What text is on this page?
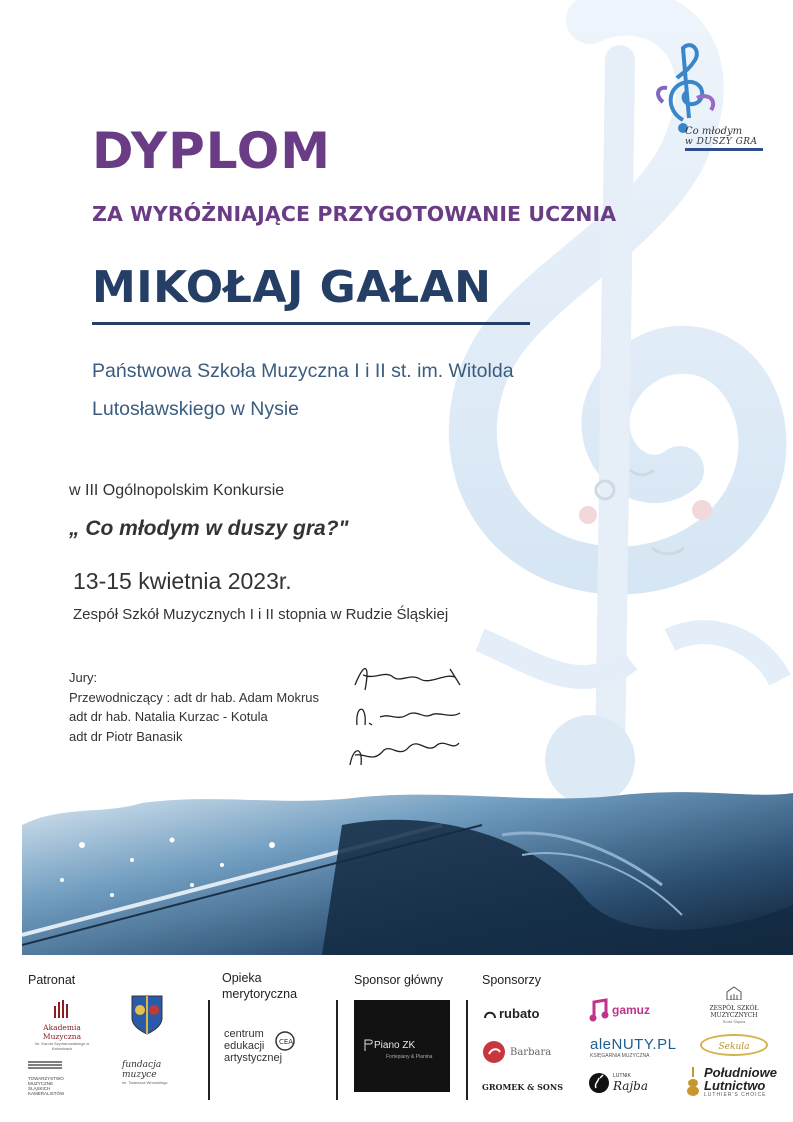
Co młodym
w DUSZY GRA
DYPLOM
ZA WYRÓŻNIAJĄCE PRZYGOTOWANIE UCZNIA
MIKOŁAJ GAŁAN
Państwowa Szkoła Muzyczna I i II st. im. Witolda
Lutosławskiego w Nysie
w III Ogólnopolskim Konkursie
„ Co młodym w duszy gra?"
13-15 kwietnia 2023r.
Zespół Szkół Muzycznych I i II stopnia w Rudzie Śląskiej
Jury:
Przewodniczący : adt dr hab. Adam Mokrus
adt dr hab. Natalia Kurzac - Kotula
adt dr Piotr Banasik
Patronat	Opieka
merytoryczna
Sponsor główny	Sponsorzy
Akademia Muzyczna
im. Karola Szymanowskiego w Katowicach
TOWARZYSTWO MUZYCZNE ŚLĄSKICH KAMERALISTÓW
fundacja muzyce
im. Tadeusza Wronskiego
centrum
edukacji
artystycznej
CEA	Piano ZK
Fortepiany & Pianina
rubato
Barbara
GROMEK & SONS
gamuz
aleNUTY.PL
KSIĘGARNIA MUZYCZNA
LUTNIK
Rajba
ZESPÓŁ SZKÓŁ MUZYCZNYCH
Ruda Śląska
Sekula
Południowe
Lutnictwo
LUTHIER'S CHOICE
